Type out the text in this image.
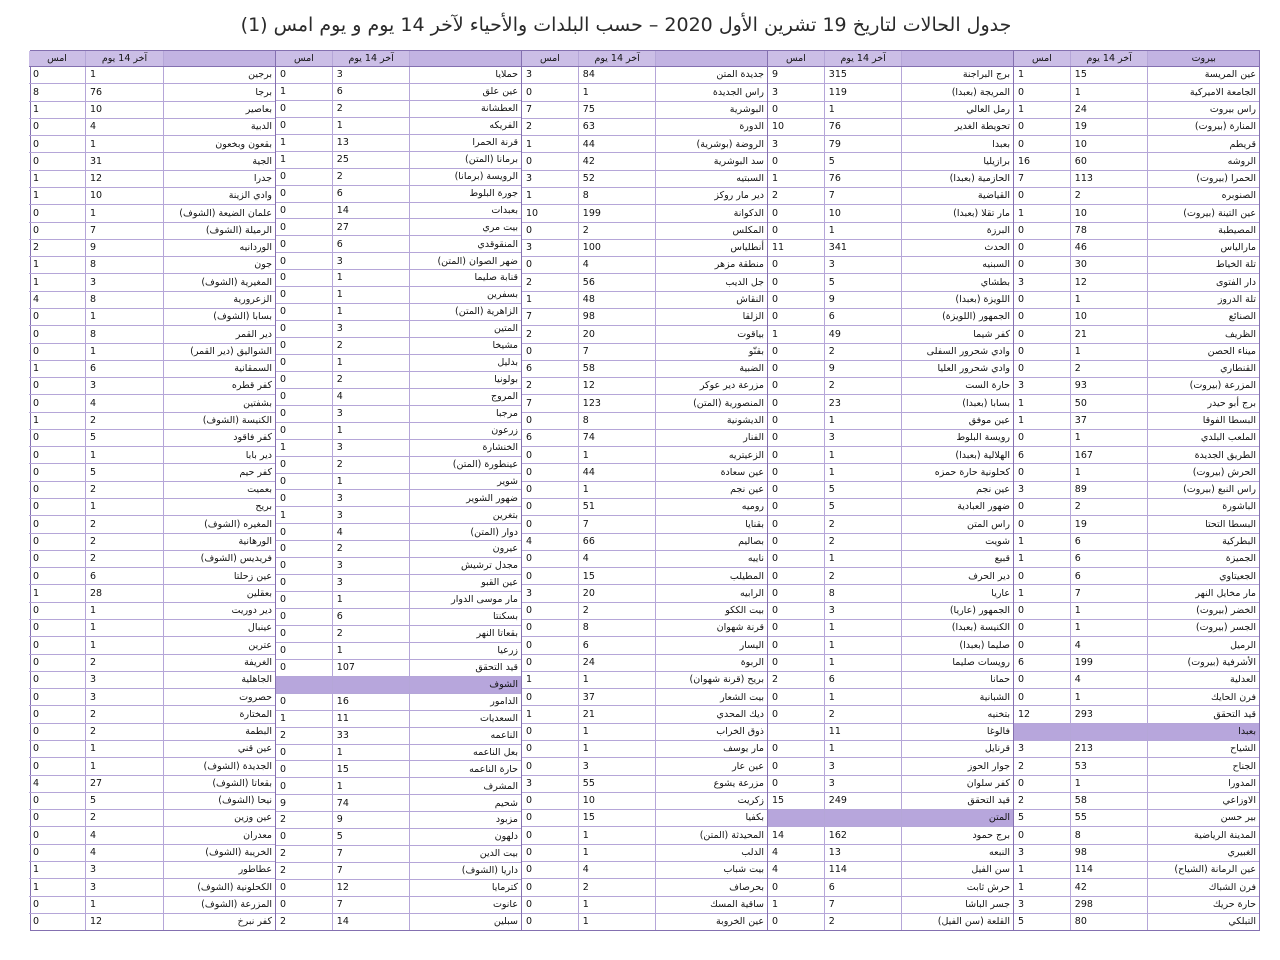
جدول الحالات لتاريخ 19 تشرين الأول 2020 – حسب البلدات والأحياء لآخر 14 يوم و يوم امس (1)
بيروت
آخر 14 يوم
امس
عين المريسة
15
1
الجامعة الاميركية
1
0
راس بيروت
24
1
المنارة (بيروت)
19
0
قريطم
10
0
الروشه
60
16
الحمرا (بيروت)
113
7
الصنوبره
2
0
عين التينة (بيروت)
10
1
المصيطبة
78
0
مارالياس
46
0
تلة الخياط
30
0
دار الفتوى
12
3
تلة الدروز
1
0
الصنائع
10
0
الظريف
21
0
ميناء الحصن
1
0
القنطاري
2
0
المزرعة (بيروت)
93
3
برج أبو حيدر
50
1
البسطا الفوقا
37
1
الملعب البلدي
1
0
الطريق الجديدة
167
6
الحرش (بيروت)
1
0
راس النبع (بيروت)
89
3
الباشورة
2
0
البسطا التحتا
19
0
البطركية
6
1
الجميزة
6
1
الجعيتاوي
6
0
مار مخايل النهر
7
1
الخضر (بيروت)
1
0
الجسر (بيروت)
1
0
الرميل
4
0
الأشرفية (بيروت)
199
6
العدلية
4
0
فرن الحايك
1
0
قيد التحقق
293
12
بعبدا
الشياح
213
3
الجناح
53
2
المدورا
1
0
الاوزاعي
58
2
بير حسن
55
5
المدينة الرياضية
8
0
الغبيري
98
3
عين الرمانة (الشياح)
114
1
فرن الشباك
42
1
حارة حريك
298
3
التبلكي
80
5
آخر 14 يوم
امس
برج البراجنة
315
9
المريجة (بعبدا)
119
3
رمل العالي
1
0
تحويطة الغدير
76
10
بعبدا
79
3
برازيليا
5
0
الحازمية (بعبدا)
76
1
القياضية
7
2
مار تقلا (بعبدا)
10
0
البرزة
1
0
الحدث
341
11
السبنيه
3
0
بطشاي
5
0
اللويزة (بعبدا)
9
0
الجمهور (اللويزة)
6
0
كفر شيما
49
1
وادي شحرور السفلى
2
0
وادي شحرور العليا
9
0
حارة الست
2
0
بسابا (بعبدا)
23
0
عين موفق
1
0
رويسة البلوط
3
0
الهلالية (بعبدا)
1
0
كحلونية حارة حمزه
1
0
عين نجم
5
0
ضهور العبادية
5
0
راس المتن
2
0
شويت
2
0
قبيع
1
0
دير الحرف
2
0
عاريا
8
0
الجمهور (عاريا)
3
0
الكنيسة (بعبدا)
1
0
صليما (بعبدا)
1
0
رويسات صليما
1
0
حمانا
6
2
الشبانية
1
0
بتخنيه
2
0
فالوغا
11
قرنايل
1
0
جوار الحوز
3
0
كفر سلوان
3
0
قيد التحقق
249
15
المتن
برج حمود
162
14
النبعه
13
4
سن الفيل
114
4
حرش ثابت
6
0
جسر الباشا
7
1
القلعة (سن الفيل)
2
0
آخر 14 يوم
امس
جديدة المتن
84
3
راس الجديدة
1
0
البوشرية
75
7
الدورة
63
2
الروضة (بوشرية)
44
1
سد البوشرية
42
0
السبتيه
52
3
دير مار روكز
8
1
الدكوانة
199
10
المكلس
2
0
أنطلياس
100
3
منطقة مزهر
4
0
جل الديب
56
2
النقاش
48
1
الزلقا
98
7
بياقوت
20
2
بقنّو
7
0
الضبية
58
6
مزرعة دير عوكر
12
2
المنصورية (المتن)
123
7
الديشونية
8
0
الفنار
74
6
الزعيتريه
1
0
عين سعادة
44
0
عين نجم
1
0
روميه
51
0
بقنايا
7
0
بصاليم
66
4
ناييه
4
0
المطيلب
15
0
الرابيه
20
3
بيت الككو
2
0
قرنة شهوان
8
0
اليسار
6
0
الربوة
24
0
بريح (قرنة شهوان)
1
1
بيت الشعار
37
0
ديك المحدي
21
1
ذوق الخراب
1
0
مار يوسف
1
0
عين عار
3
0
مزرعة يشوع
55
3
زكريت
10
0
بكفيا
15
0
المحيدثة (المتن)
1
0
الدلب
1
0
بيت شباب
4
0
بحرصاف
2
0
ساقية المسك
1
0
عين الخروبة
1
0
آخر 14 يوم
امس
حملايا
3
0
عين علق
6
1
العطشانة
2
0
الفريكه
1
0
قرنة الحمرا
13
1
برمانا (المتن)
25
1
الرويسة (برمانا)
2
0
جورة البلوط
6
0
بعبدات
14
0
بيت مري
27
0
المنقوقدي
6
0
ضهر الصوان (المتن)
3
0
قنابة صليما
1
0
بسفرين
1
0
الزاهرية (المتن)
1
0
المتين
3
0
مشيخا
2
0
بدليل
1
0
بولونيا
2
0
المروج
4
0
مرجبا
3
0
زرعون
1
0
الخنشارة
3
1
عينطورة (المتن)
2
0
شوير
1
0
ضهور الشوير
3
0
بتغرين
3
1
دوار (المتن)
4
0
عيرون
2
0
مجدل ترشيش
3
0
عين القبو
3
0
مار موسى الدوار
1
0
بسكنتا
6
0
بقعاتا النهر
2
0
زرعيا
1
0
قيد التحقق
107
0
الشوف
الدامور
16
0
السعديات
11
1
الناعمه
33
2
بعل الناعمه
1
0
حارة الناعمه
15
0
المشرف
1
0
شحيم
74
9
مزبود
9
2
دلهون
5
0
بيت الدين
7
2
داريا (الشوف)
7
2
كترمايا
12
0
عانوت
7
0
سبلين
14
2
آخر 14 يوم
امس
برجين
1
0
برجا
76
8
بعاصير
10
1
الدبية
4
0
بقعون وبخعون
1
0
الجية
31
0
جدرا
12
1
وادي الزينة
10
1
علمان الضيعة (الشوف)
1
0
الرميلة (الشوف)
7
0
الوردانيه
9
2
جون
8
1
المغيرية (الشوف)
3
1
الزعرورية
8
4
بسابا (الشوف)
1
0
دير القمر
8
0
الشواليق (دير القمر)
1
0
السمقانية
6
1
كفر قطره
3
0
بشفتين
4
0
الكنيسة (الشوف)
2
1
كفر فاقود
5
0
دير بابا
1
0
كفر حيم
5
0
بعميت
2
0
بريح
1
0
المغيره (الشوف)
2
0
الورهانية
2
0
فريديس (الشوف)
2
0
عين زحلتا
6
0
بعقلين
28
1
دير دوريت
1
0
عينبال
1
0
عترين
1
0
الغريفة
2
0
الجاهلية
3
0
حصروت
3
0
المختارة
2
0
البطمة
2
0
عين قني
1
0
الجديدة (الشوف)
1
0
بقعاتا (الشوف)
27
4
نيحا (الشوف)
5
0
عين وزين
2
0
معدران
4
0
الخريبة (الشوف)
4
0
عطاطور
3
1
الكحلونية (الشوف)
3
1
المزرعة (الشوف)
1
0
كفر نبرخ
12
0
